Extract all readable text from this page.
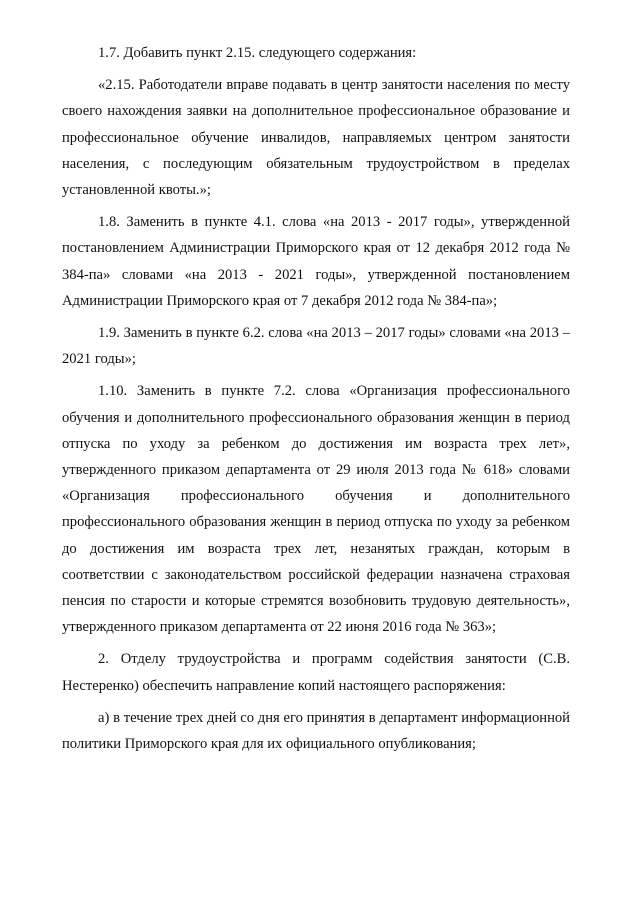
1.7. Добавить пункт 2.15. следующего содержания:

«2.15. Работодатели вправе подавать в центр занятости населения по месту своего нахождения заявки на дополнительное профессиональное образование и профессиональное обучение инвалидов, направляемых центром занятости населения, с последующим обязательным трудоустройством в пределах установленной квоты.»;

1.8. Заменить в пункте 4.1. слова «на 2013 - 2017 годы», утвержденной постановлением Администрации Приморского края от 12 декабря 2012 года № 384-па» словами «на 2013 - 2021 годы», утвержденной постановлением Администрации Приморского края от 7 декабря 2012 года № 384-па»;

1.9. Заменить в пункте 6.2. слова «на 2013 – 2017 годы» словами «на 2013 – 2021 годы»;

1.10. Заменить в пункте 7.2. слова «Организация профессионального обучения и дополнительного профессионального образования женщин в период отпуска по уходу за ребенком до достижения им возраста трех лет», утвержденного приказом департамента от 29 июля 2013 года № 618» словами «Организация профессионального обучения и дополнительного профессионального образования женщин в период отпуска по уходу за ребенком до достижения им возраста трех лет, незанятых граждан, которым в соответствии с законодательством российской федерации назначена страховая пенсия по старости и которые стремятся возобновить трудовую деятельность», утвержденного приказом департамента от 22 июня 2016 года № 363»;

2. Отделу трудоустройства и программ содействия занятости (С.В. Нестеренко) обеспечить направление копий настоящего распоряжения:

а) в течение трех дней со дня его принятия в департамент информационной политики Приморского края для их официального опубликования;
